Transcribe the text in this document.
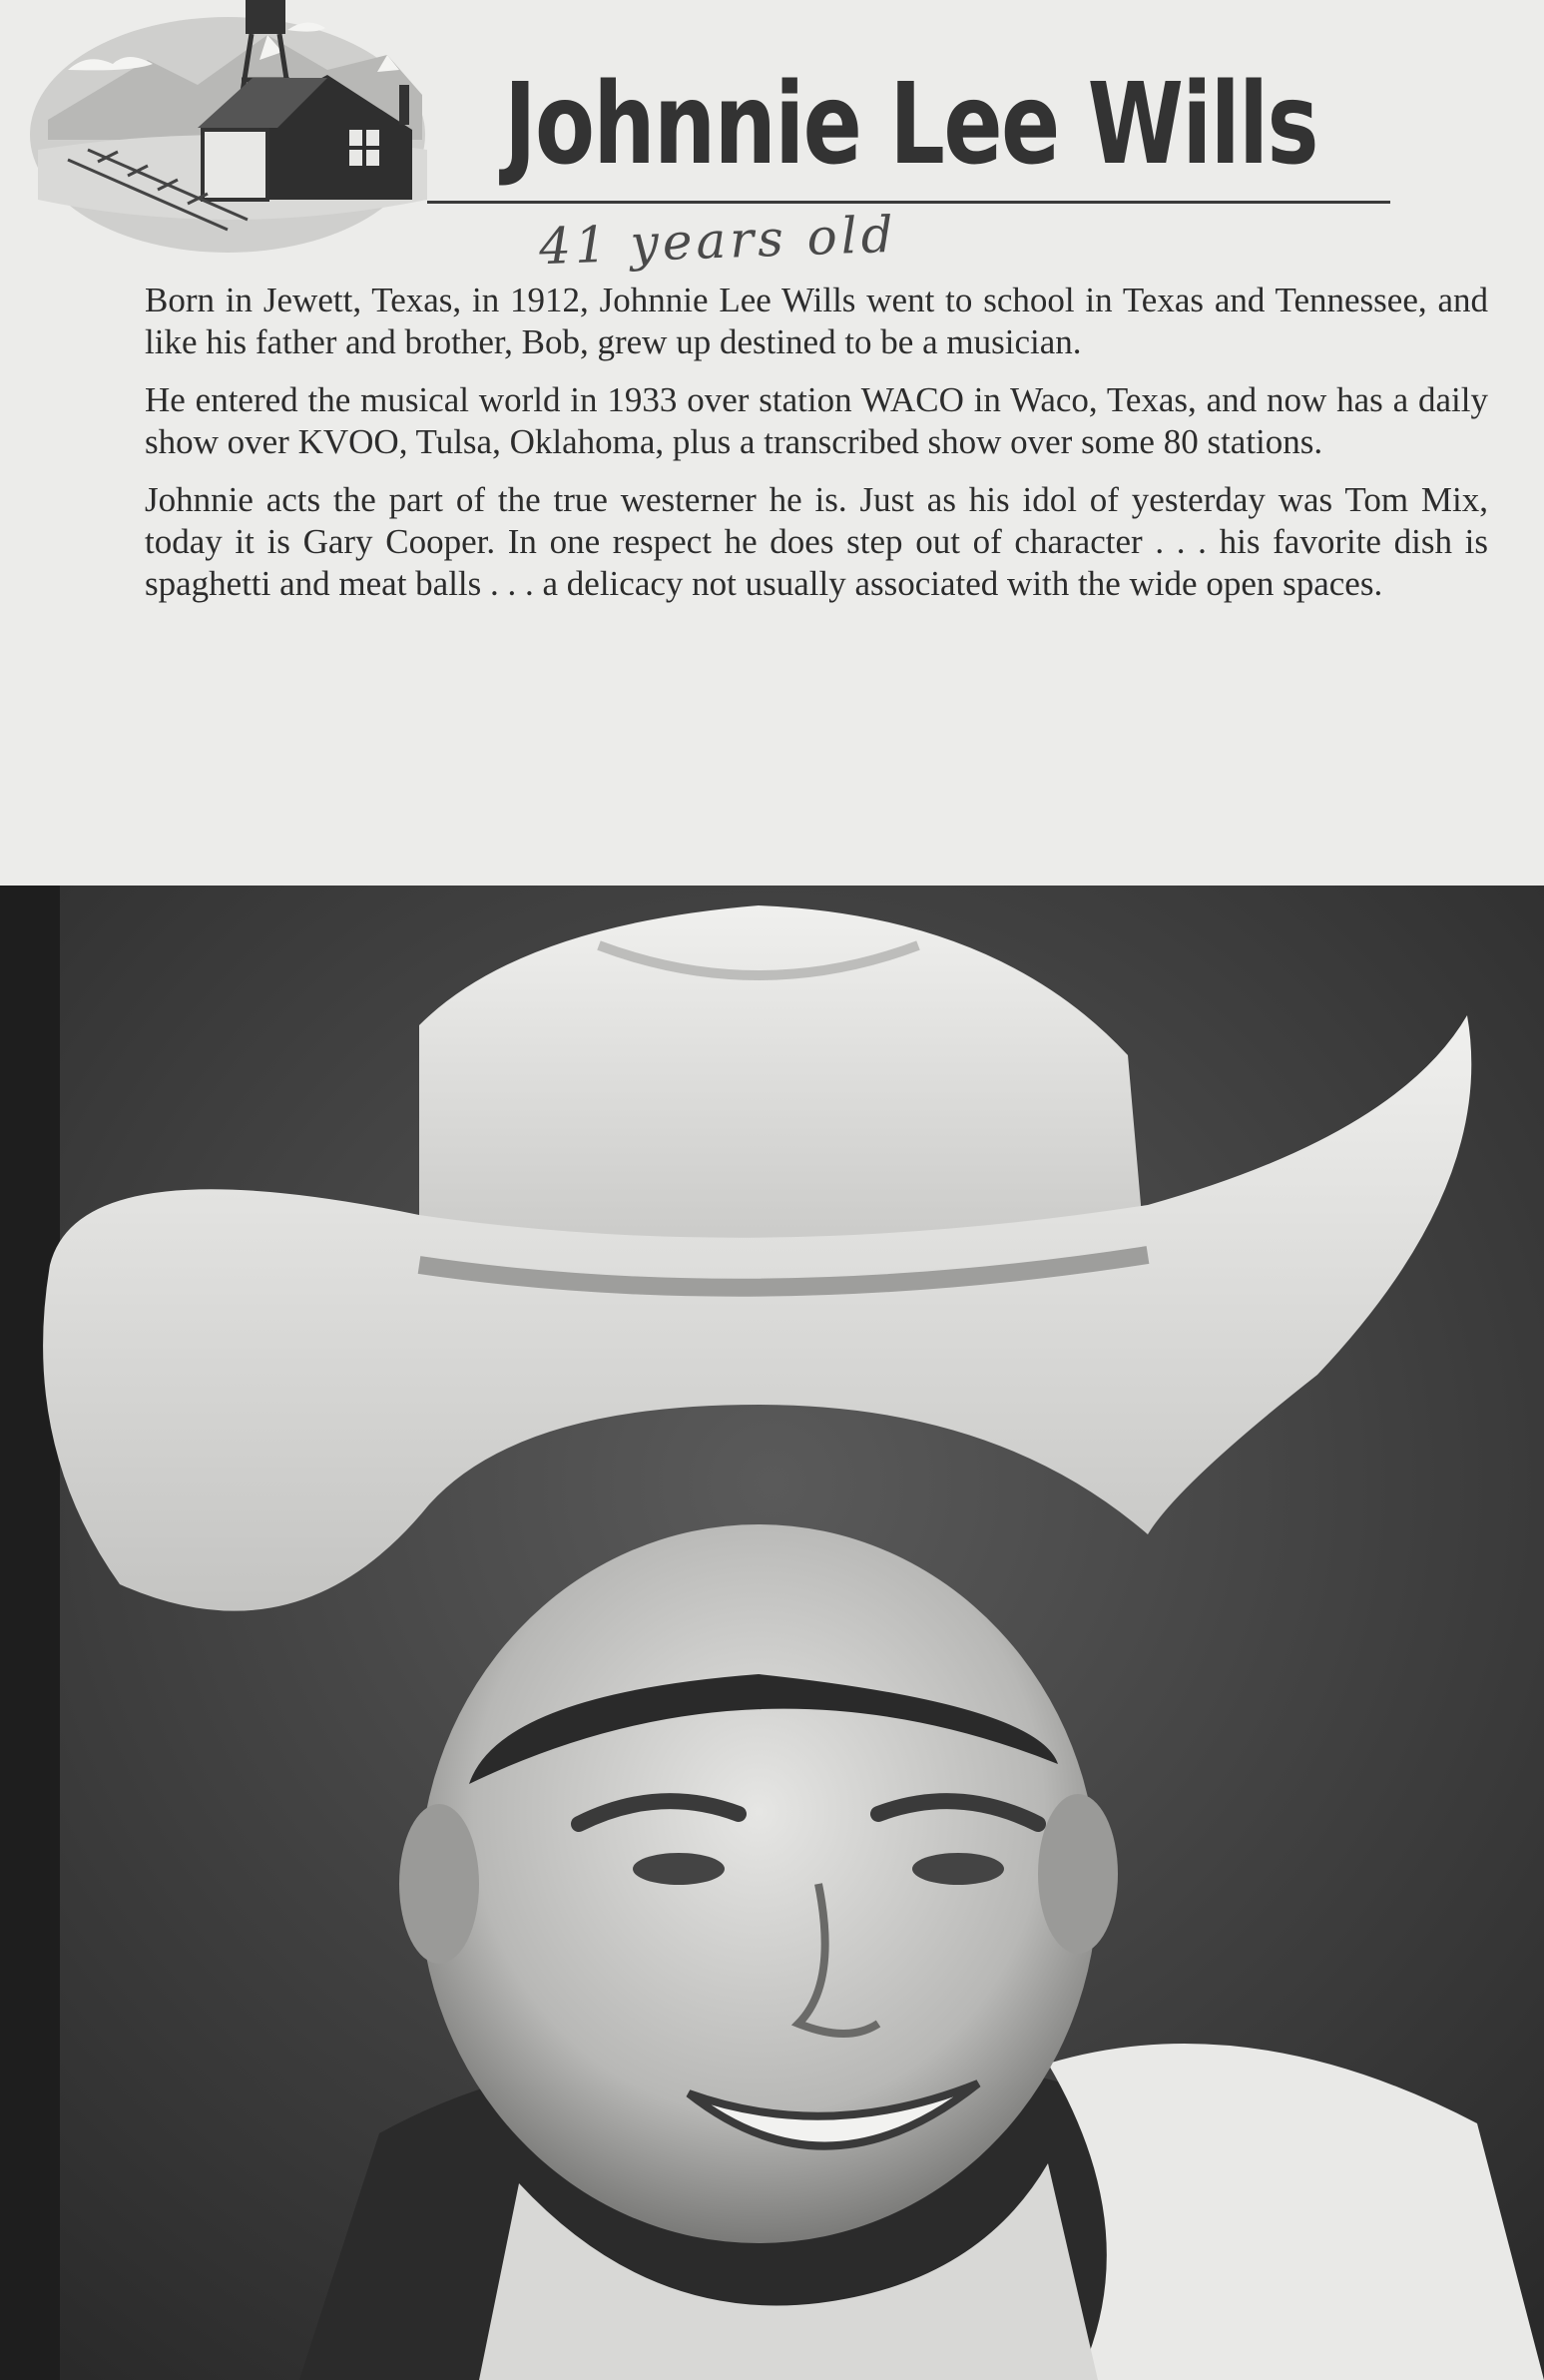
Johnnie Lee Wills
41 years old

Born in Jewett, Texas, in 1912, Johnnie Lee Wills went to school in Texas and Tennessee, and like his father and brother, Bob, grew up destined to be a musician.

He entered the musical world in 1933 over station WACO in Waco, Texas, and now has a daily show over KVOO, Tulsa, Oklahoma, plus a transcribed show over some 80 stations.

Johnnie acts the part of the true westerner he is. Just as his idol of yesterday was Tom Mix, today it is Gary Cooper. In one respect he does step out of character . . . his favorite dish is spaghetti and meat balls . . . a delicacy not usually associated with the wide open spaces.
